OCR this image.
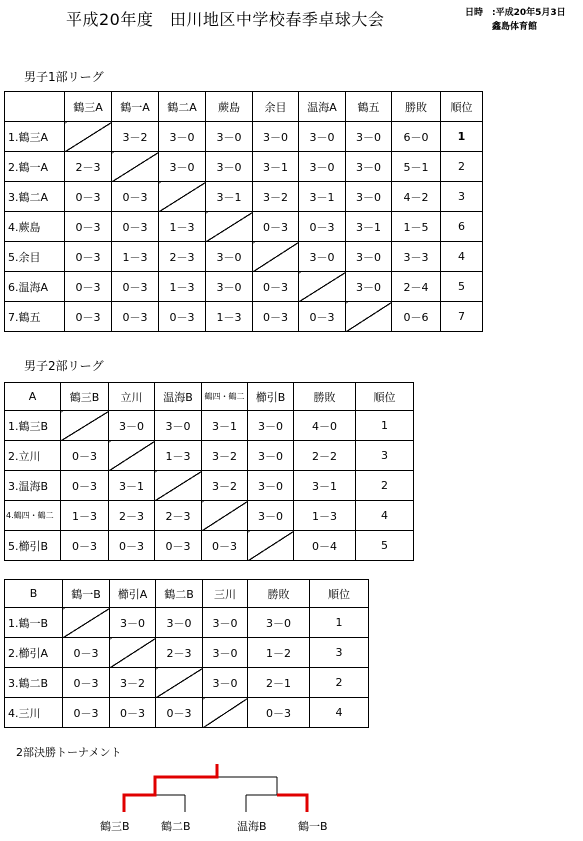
平成20年度　田川地区中学校春季卓球大会	日時　:平成20年5月3日
鑫島体育館
男子1部リーグ
	鶴三A	鶴一A	鶴二A	蕨島	余目	温海A	鶴五	勝敗	順位
1.鶴三A		3－2	3－0	3－0	3－0	3－0	3－0	6－0	1
2.鶴一A	2－3		3－0	3－0	3－1	3－0	3－0	5－1	2
3.鶴二A	0－3	0－3		3－1	3－2	3－1	3－0	4－2	3
4.蕨島	0－3	0－3	1－3		0－3	0－3	3－1	1－5	6
5.余目	0－3	1－3	2－3	3－0		3－0	3－0	3－3	4
6.温海A	0－3	0－3	1－3	3－0	0－3		3－0	2－4	5
7.鶴五	0－3	0－3	0－3	1－3	0－3	0－3		0－6	7
男子2部リーグ
A	鶴三B	立川	温海B	鶴四・鶴二	櫛引B	勝敗	順位
1.鶴三B		3－0	3－0	3－1	3－0	4－0	1
2.立川	0－3		1－3	3－2	3－0	2－2	3
3.温海B	0－3	3－1		3－2	3－0	3－1	2
4.鶴四・鶴二	1－3	2－3	2－3		3－0	1－3	4
5.櫛引B	0－3	0－3	0－3	0－3		0－4	5
B	鶴一B	櫛引A	鶴二B	三川	勝敗	順位
1.鶴一B		3－0	3－0	3－0	3－0	1
2.櫛引A	0－3		2－3	3－0	1－2	3
3.鶴二B	0－3	3－2		3－0	2－1	2
4.三川	0－3	0－3	0－3		0－3	4
2部決勝トーナメント
鶴三B	鶴二B	温海B	鶴一B
